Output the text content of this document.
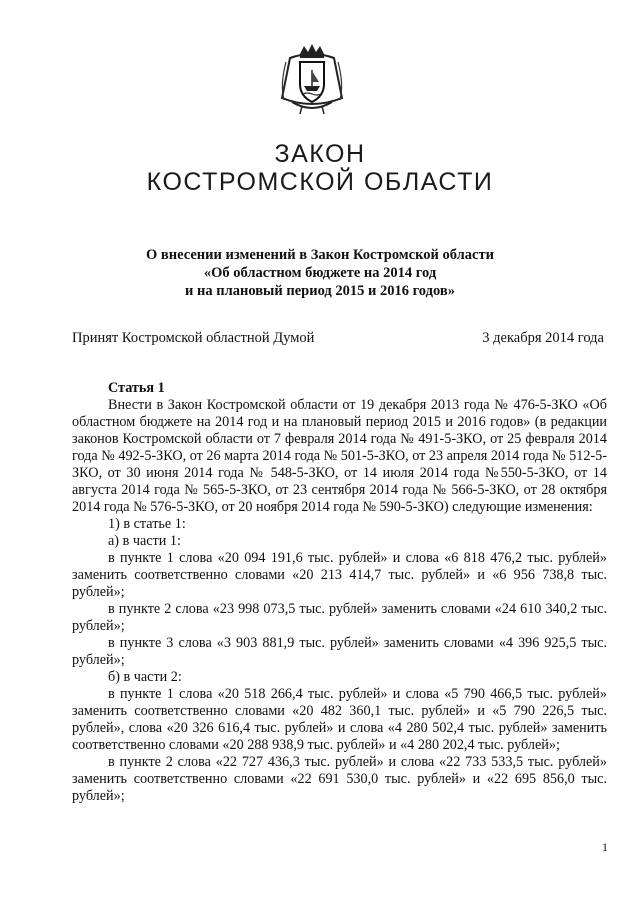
ЗАКОН
КОСТРОМСКОЙ ОБЛАСТИ
О внесении изменений в Закон Костромской области
«Об областном бюджете на 2014 год
и на плановый период 2015 и 2016 годов»
Принят Костромской областной Думой	3 декабря 2014 года

Статья 1

Внести в Закон Костромской области от 19 декабря 2013 года № 476-5-ЗКО «Об областном бюджете на 2014 год и на плановый период 2015 и 2016 годов» (в редакции законов Костромской области от 7 февраля 2014 года № 491-5-ЗКО, от 25 февраля 2014 года № 492-5-ЗКО, от 26 марта 2014 года № 501-5-ЗКО, от 23 апреля 2014 года № 512-5-ЗКО, от 30 июня 2014 года № 548-5-ЗКО, от 14 июля 2014 года №550-5-ЗКО, от 14 августа 2014 года № 565-5-ЗКО, от 23 сентября 2014 года № 566-5-ЗКО, от 28 октября 2014 года № 576-5-ЗКО, от 20 ноября 2014 года № 590-5-ЗКО) следующие изменения:

1) в статье 1:

а) в части 1:

в пункте 1 слова «20 094 191,6 тыс. рублей» и слова «6 818 476,2 тыс. рублей» заменить соответственно словами «20 213 414,7 тыс. рублей» и «6 956 738,8 тыс. рублей»;

в пункте 2 слова «23 998 073,5 тыс. рублей» заменить словами «24 610 340,2 тыс. рублей»;

в пункте 3 слова «3 903 881,9 тыс. рублей» заменить словами «4 396 925,5 тыс. рублей»;

б) в части 2:

в пункте 1 слова «20 518 266,4 тыс. рублей» и слова «5 790 466,5 тыс. рублей» заменить соответственно словами «20 482 360,1 тыс. рублей» и «5 790 226,5 тыс. рублей», слова «20 326 616,4 тыс. рублей» и слова «4 280 502,4 тыс. рублей» заменить соответственно словами «20 288 938,9 тыс. рублей» и «4 280 202,4 тыс. рублей»;

в пункте 2 слова «22 727 436,3 тыс. рублей» и слова «22 733 533,5 тыс. рублей» заменить соответственно словами «22 691 530,0 тыс. рублей» и «22 695 856,0 тыс. рублей»;

1
